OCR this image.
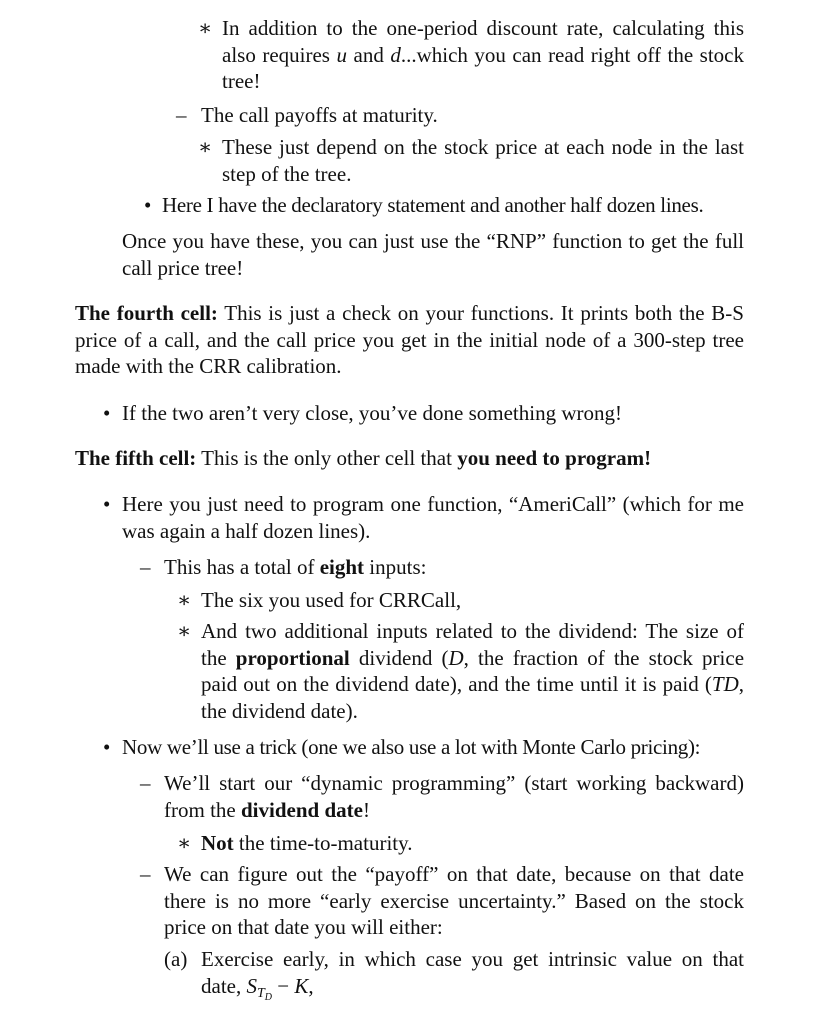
∗ In addition to the one-period discount rate, calculating this also requires u and d...which you can read right off the stock tree!
– The call payoffs at maturity.
∗ These just depend on the stock price at each node in the last step of the tree.
• Here I have the declaratory statement and another half dozen lines.
Once you have these, you can just use the “RNP” function to get the full call price tree!
The fourth cell: This is just a check on your functions. It prints both the B-S price of a call, and the call price you get in the initial node of a 300-step tree made with the CRR calibration.
• If the two aren’t very close, you’ve done something wrong!
The fifth cell: This is the only other cell that you need to program!
• Here you just need to program one function, “AmeriCall” (which for me was again a half dozen lines).
– This has a total of eight inputs:
∗ The six you used for CRRCall,
∗ And two additional inputs related to the dividend: The size of the proportional dividend (D, the fraction of the stock price paid out on the dividend date), and the time until it is paid (TD, the dividend date).
• Now we’ll use a trick (one we also use a lot with Monte Carlo pricing):
– We’ll start our “dynamic programming” (start working backward) from the dividend date!
∗ Not the time-to-maturity.
– We can figure out the “payoff” on that date, because on that date there is no more “early exercise uncertainty.” Based on the stock price on that date you will either:
(a) Exercise early, in which case you get intrinsic value on that date, $ST_D - K$,
